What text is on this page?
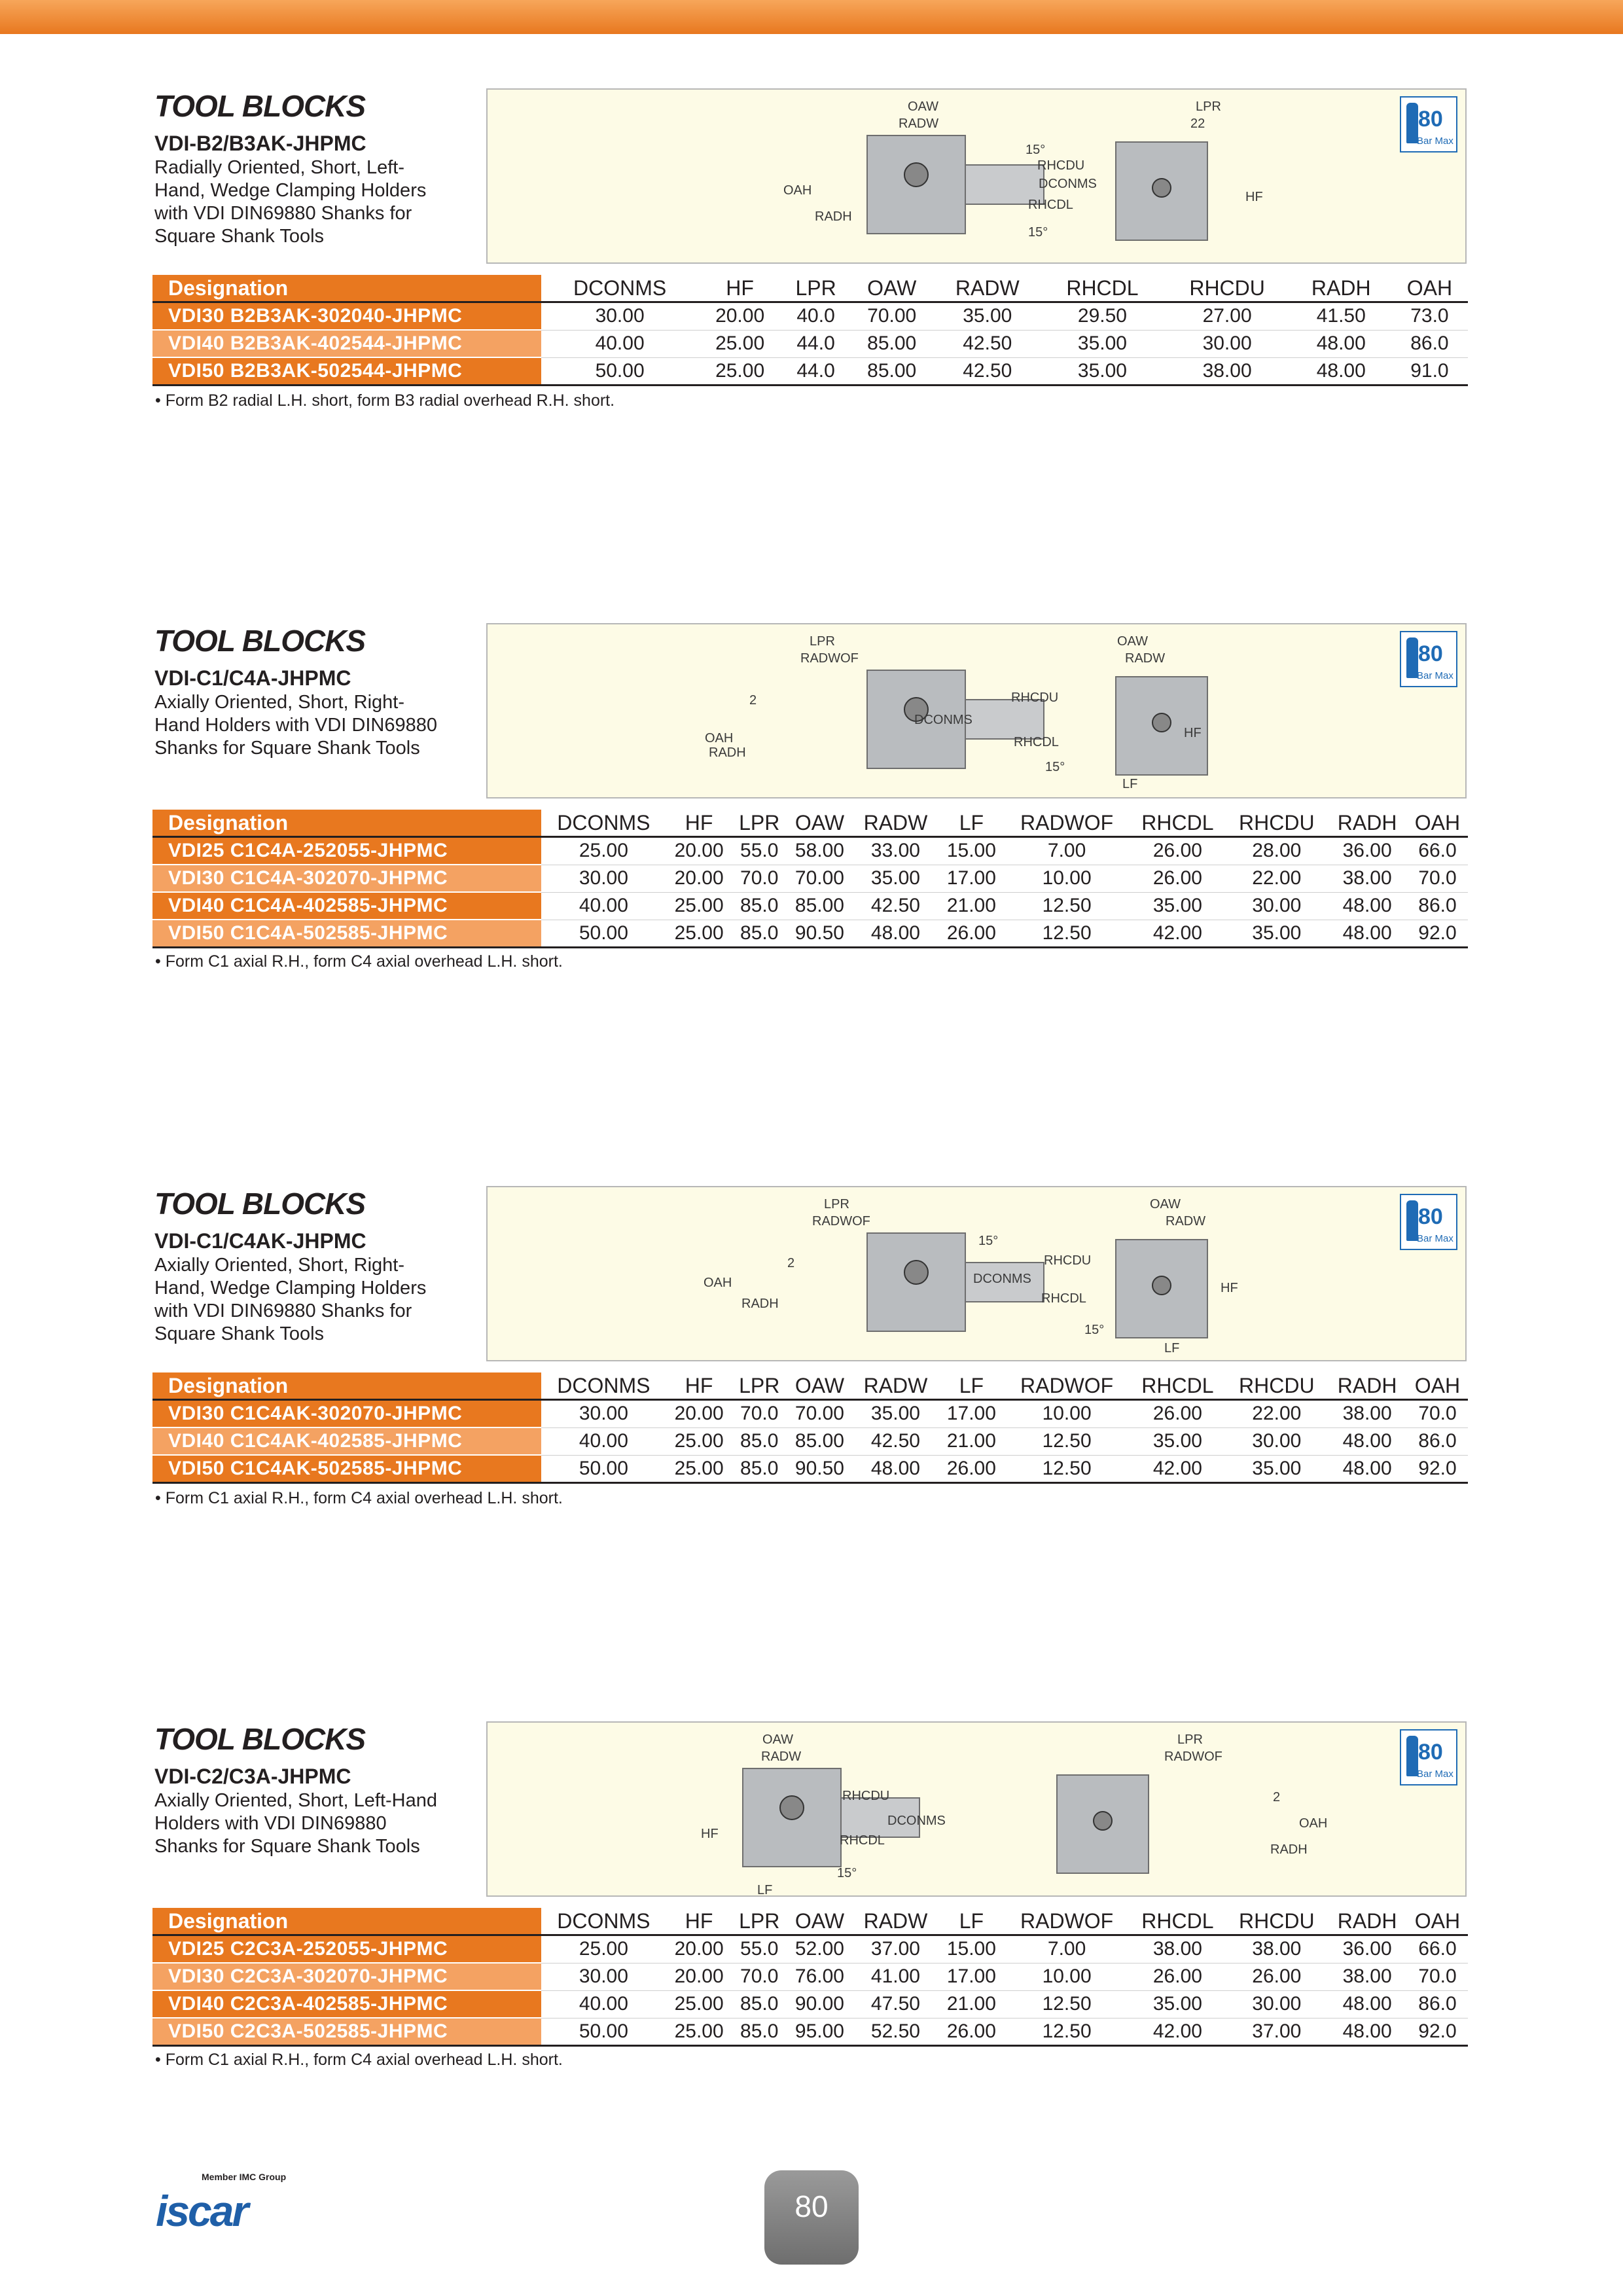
TOOL BLOCKS
VDI-B2/B3AK-JHPMC
Radially Oriented, Short, Left-Hand, Wedge Clamping Holders with VDI DIN69880 Shanks for Square Shank Tools
OAW
RADW
15°
RHCDU
RHCDL
OAH
RADH
DCONMS
LPR
22
HF
15°
80
Bar Max
Designation	DCONMS	HF	LPR	OAW	RADW	RHCDL	RHCDU	RADH	OAH
VDI30 B2B3AK-302040-JHPMC	30.00	20.00	40.0	70.00	35.00	29.50	27.00	41.50	73.0
VDI40 B2B3AK-402544-JHPMC	40.00	25.00	44.0	85.00	42.50	35.00	30.00	48.00	86.0
VDI50 B2B3AK-502544-JHPMC	50.00	25.00	44.0	85.00	42.50	35.00	38.00	48.00	91.0
• Form B2 radial L.H. short, form B3 radial overhead R.H. short.
TOOL BLOCKS
VDI-C1/C4A-JHPMC
Axially Oriented, Short, Right-Hand Holders with VDI DIN69880 Shanks for Square Shank Tools
LPR
RADWOF
2
OAH
RADH
DCONMS
RHCDU
RHCDL
OAW
RADW
HF
15°
LF
80
Bar Max
Designation	DCONMS	HF	LPR	OAW	RADW	LF	RADWOF	RHCDL	RHCDU	RADH	OAH
VDI25 C1C4A-252055-JHPMC	25.00	20.00	55.0	58.00	33.00	15.00	7.00	26.00	28.00	36.00	66.0
VDI30 C1C4A-302070-JHPMC	30.00	20.00	70.0	70.00	35.00	17.00	10.00	26.00	22.00	38.00	70.0
VDI40 C1C4A-402585-JHPMC	40.00	25.00	85.0	85.00	42.50	21.00	12.50	35.00	30.00	48.00	86.0
VDI50 C1C4A-502585-JHPMC	50.00	25.00	85.0	90.50	48.00	26.00	12.50	42.00	35.00	48.00	92.0
• Form C1 axial R.H., form C4 axial overhead L.H. short.
TOOL BLOCKS
VDI-C1/C4AK-JHPMC
Axially Oriented, Short, Right-Hand, Wedge Clamping Holders with VDI DIN69880 Shanks for Square Shank Tools
LPR
RADWOF
2
OAH
RADH
DCONMS
15°
RHCDU
RHCDL
OAW
RADW
HF
15°
LF
80
Bar Max
Designation	DCONMS	HF	LPR	OAW	RADW	LF	RADWOF	RHCDL	RHCDU	RADH	OAH
VDI30 C1C4AK-302070-JHPMC	30.00	20.00	70.0	70.00	35.00	17.00	10.00	26.00	22.00	38.00	70.0
VDI40 C1C4AK-402585-JHPMC	40.00	25.00	85.0	85.00	42.50	21.00	12.50	35.00	30.00	48.00	86.0
VDI50 C1C4AK-502585-JHPMC	50.00	25.00	85.0	90.50	48.00	26.00	12.50	42.00	35.00	48.00	92.0
• Form C1 axial R.H., form C4 axial overhead L.H. short.
TOOL BLOCKS
VDI-C2/C3A-JHPMC
Axially Oriented, Short, Left-Hand Holders with VDI DIN69880 Shanks for Square Shank Tools
OAW
RADW
HF
RHCDU
RHCDL
15°
LF
DCONMS
LPR
RADWOF
2
OAH
RADH
80
Bar Max
Designation	DCONMS	HF	LPR	OAW	RADW	LF	RADWOF	RHCDL	RHCDU	RADH	OAH
VDI25 C2C3A-252055-JHPMC	25.00	20.00	55.0	52.00	37.00	15.00	7.00	38.00	38.00	36.00	66.0
VDI30 C2C3A-302070-JHPMC	30.00	20.00	70.0	76.00	41.00	17.00	10.00	26.00	26.00	38.00	70.0
VDI40 C2C3A-402585-JHPMC	40.00	25.00	85.0	90.00	47.50	21.00	12.50	35.00	30.00	48.00	86.0
VDI50 C2C3A-502585-JHPMC	50.00	25.00	85.0	95.00	52.50	26.00	12.50	42.00	37.00	48.00	92.0
• Form C1 axial R.H., form C4 axial overhead L.H. short.
Member IMC Group
iscar	80
